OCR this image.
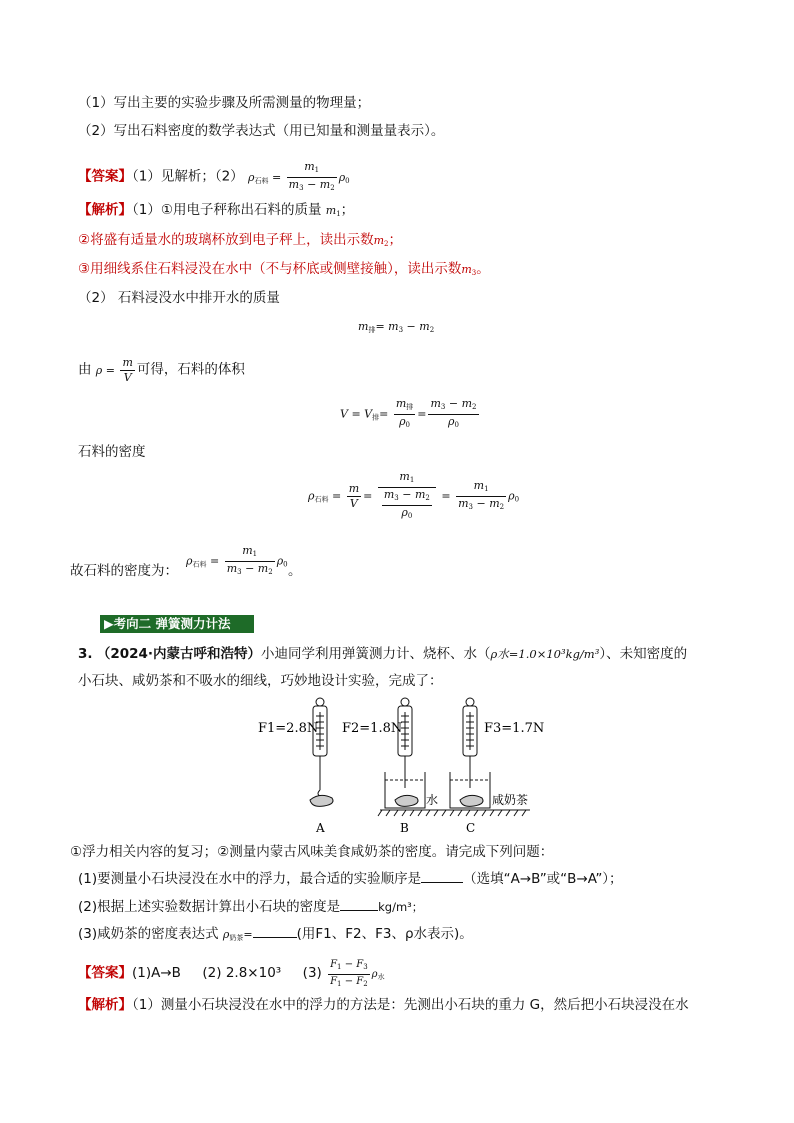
（1）写出主要的实验步骤及所需测量的物理量；
（2）写出石料密度的数学表达式（用已知量和测量量表示）。
【答案】（1）见解析；（2） $\rho_{石料} = \frac{m_1}{m_3 - m_2} \rho_0$
【解析】（1）①用电子秤称出石料的质量 $m_1$；
②将盛有适量水的玻璃杯放到电子秤上，读出示数$m_2$；
③用细线系住石料浸没在水中（不与杯底或侧壁接触），读出示数$m_3$。
（2） 石料浸没水中排开水的质量
$m_排= m_3 - m_2$
由 $\rho = \frac{m}{V}$ 可得，石料的体积
$V = V_排= \frac{m_排}{\rho_0} = \frac{m_3 - m_2}{\rho_0}$
石料的密度
$\rho_{石料} = \frac{m}{V} = \frac{m_1}{\frac{m_3 - m_2}{\rho_0}} = \frac{m_1}{m_3 - m_2} \rho_0$
故石料的密度为：
$\rho_{石料} = \frac{m_1}{m_3 - m_2} \rho_0$ 。
▶考向二 弹簧测力计法
3. （2024·内蒙古呼和浩特）小迪同学利用弹簧测力计、烧杯、水（ρ水=1.0×10³kg/m³）、未知密度的
小石块、咸奶茶和不吸水的细线，巧妙地设计实验，完成了：
F1=2.8N F2=1.8N	F3=1.7N
水	咸奶茶
A	B	C
①浮力相关内容的复习；②测量内蒙古风味美食咸奶茶的密度。请完成下列问题：
(1)要测量小石块浸没在水中的浮力，最合适的实验顺序是	（选填“A→B”或“B→A”）；
(2)根据上述实验数据计算出小石块的密度是	kg/m³；
(3)咸奶茶的密度表达式 $\rho_{奶茶}=$	(用F1、F2、F3、ρ水表示)。
【答案】(1)A→B (2) 2.8×10³ $(3) \frac{F_1 - F_3}{F_1 - F_2} \rho_水$
【解析】（1）测量小石块浸没在水中的浮力的方法是：先测出小石块的重力 G，然后把小石块浸没在水
